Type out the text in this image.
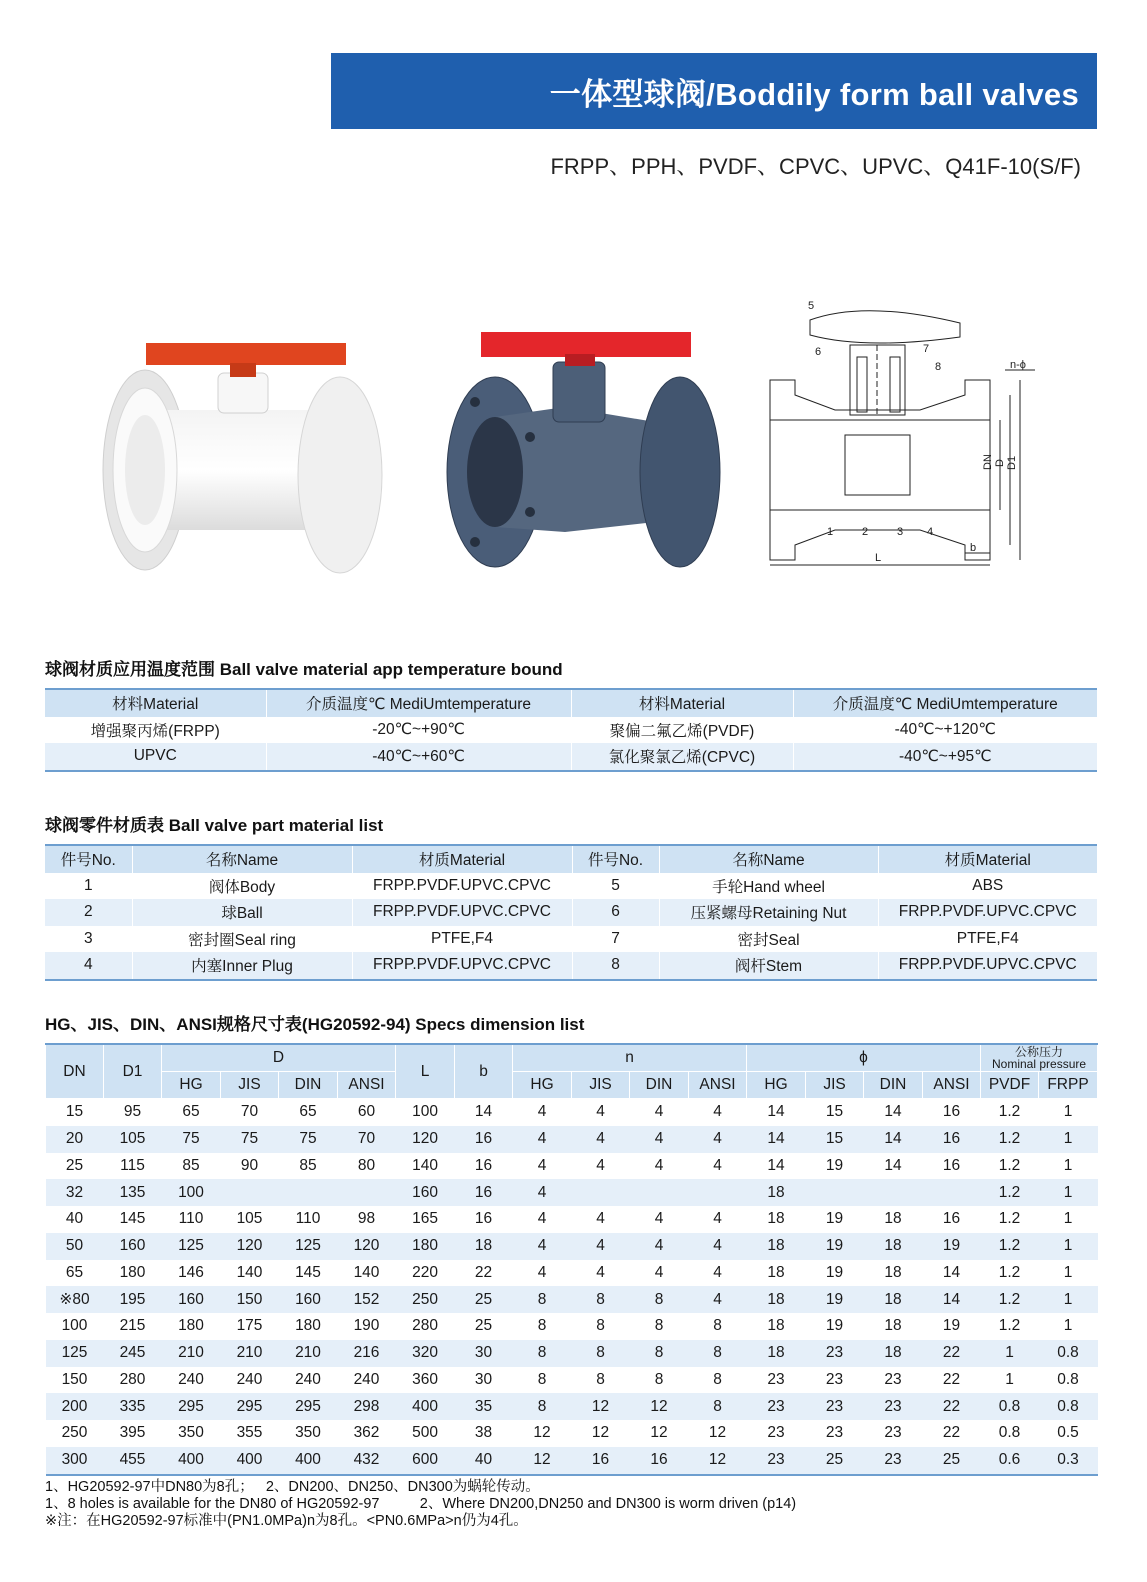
一体型球阀/Boddily form ball valves
FRPP、PPH、PVDF、CPVC、UPVC、Q41F-10(S/F)
5
6	7
8
1	2	3 4
n-ϕ
DN D D1
L
b
球阀材质应用温度范围 Ball valve material app temperature bound
材料Material	介质温度℃ MediUmtemperature	材料Material	介质温度℃ MediUmtemperature
增强聚丙烯(FRPP)	-20℃~+90℃	聚偏二氟乙烯(PVDF)	-40℃~+120℃
UPVC	-40℃~+60℃	氯化聚氯乙烯(CPVC)	-40℃~+95℃
球阀零件材质表 Ball valve part material list
件号No.	名称Name	材质Material	件号No.	名称Name	材质Material
1	阀体Body	FRPP.PVDF.UPVC.CPVC	5	手轮Hand wheel	ABS
2	球Ball	FRPP.PVDF.UPVC.CPVC	6	压紧螺母Retaining Nut	FRPP.PVDF.UPVC.CPVC
3	密封圈Seal ring	PTFE,F4	7	密封Seal	PTFE,F4
4	内塞Inner Plug	FRPP.PVDF.UPVC.CPVC	8	阀杆Stem	FRPP.PVDF.UPVC.CPVC
HG、JIS、DIN、ANSI规格尺寸表(HG20592-94) Specs dimension list
DN	D1	D				L	b	n				ϕ				公称压力
Nominal pressure	

		HG	JIS	DIN	ANSI			HG	JIS	DIN	ANSI	HG	JIS	DIN	ANSI	PVDF	FRPP
15	95	65	70	65	60	100	14	4	4	4	4	14	15	14	16	1.2	1
20	105	75	75	75	70	120	16	4	4	4	4	14	15	14	16	1.2	1
25	115	85	90	85	80	140	16	4	4	4	4	14	19	14	16	1.2	1
32	135	100				160	16	4				18				1.2	1
40	145	110	105	110	98	165	16	4	4	4	4	18	19	18	16	1.2	1
50	160	125	120	125	120	180	18	4	4	4	4	18	19	18	19	1.2	1
65	180	146	140	145	140	220	22	4	4	4	4	18	19	18	14	1.2	1
※80	195	160	150	160	152	250	25	8	8	8	4	18	19	18	14	1.2	1
100	215	180	175	180	190	280	25	8	8	8	8	18	19	18	19	1.2	1
125	245	210	210	210	216	320	30	8	8	8	8	18	23	18	22	1	0.8
150	280	240	240	240	240	360	30	8	8	8	8	23	23	23	22	1	0.8
200	335	295	295	295	298	400	35	8	12	12	8	23	23	23	22	0.8	0.8
250	395	350	355	350	362	500	38	12	12	12	12	23	23	23	22	0.8	0.5
300	455	400	400	400	432	600	40	12	16	16	12	23	25	23	25	0.6	0.3
1、HG20592-97中DN80为8孔；   2、DN200、DN250、DN300为蜗轮传动。
1、8 holes is available for the DN80 of HG20592-97          2、Where DN200,DN250 and DN300 is worm driven (p14)
※注：在HG20592-97标准中(PN1.0MPa)n为8孔。<PN0.6MPa>n仍为4孔。
